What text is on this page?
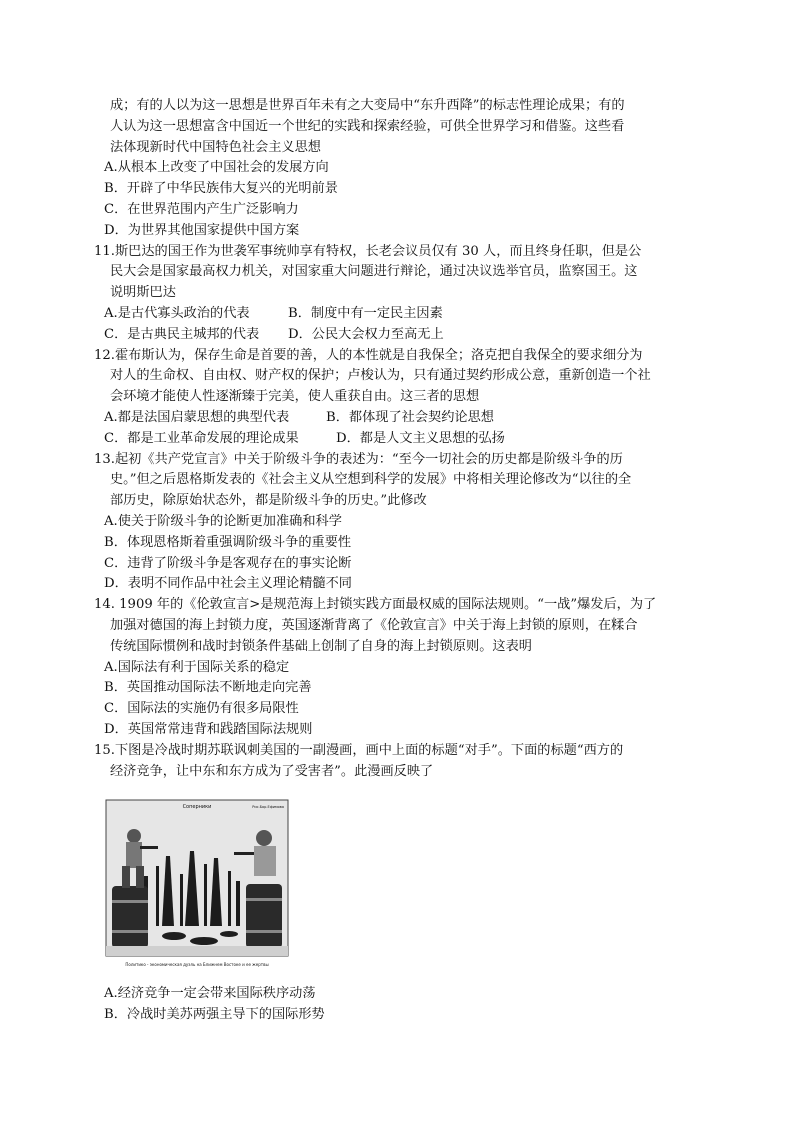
成；有的人以为这一思想是世界百年未有之大变局中“东升西降”的标志性理论成果；有的
人认为这一思想富含中国近一个世纪的实践和探索经验，可供全世界学习和借鉴。这些看
法体现新时代中国特色社会主义思想
A.从根本上改变了中国社会的发展方向
B．开辟了中华民族伟大复兴的光明前景
C．在世界范围内产生广泛影响力
D．为世界其他国家提供中国方案
11.斯巴达的国王作为世袭军事统帅享有特权，长老会议员仅有 30 人，而且终身任职，但是公
民大会是国家最高权力机关，对国家重大问题进行辩论，通过决议选举官员，监察国王。这
说明斯巴达
A.是古代寡头政治的代表	B．制度中有一定民主因素
C．是古典民主城邦的代表 D．公民大会权力至高无上
12.霍布斯认为，保存生命是首要的善，人的本性就是自我保全；洛克把自我保全的要求细分为
对人的生命权、自由权、财产权的保护；卢梭认为，只有通过契约形成公意，重新创造一个社
会环境才能使人性逐渐臻于完美，使人重获自由。这三者的思想
A.都是法国启蒙思想的典型代表	B．都体现了社会契约论思想
C．都是工业革命发展的理论成果	D．都是人文主义思想的弘扬
13.起初《共产党宣言》中关于阶级斗争的表述为：“至今一切社会的历史都是阶级斗争的历
史。”但之后恩格斯发表的《社会主义从空想到科学的发展》中将相关理论修改为“以往的全
部历史，除原始状态外，都是阶级斗争的历史。”此修改
A.使关于阶级斗争的论断更加准确和科学
B．体现恩格斯着重强调阶级斗争的重要性
C．违背了阶级斗争是客观存在的事实论断
D．表明不同作品中社会主义理论精髓不同
14. 1909 年的《伦敦宣言>是规范海上封锁实践方面最权威的国际法规则。“一战”爆发后，为了
加强对德国的海上封锁力度，英国逐渐背离了《伦敦宣言》中关于海上封锁的原则，在糅合
传统国际惯例和战时封锁条件基础上创制了自身的海上封锁原则。这表明
A.国际法有利于国际关系的稳定
B．英国推动国际法不断地走向完善
C．国际法的实施仍有很多局限性
D．英国常常违背和践踏国际法规则
15.下图是冷战时期苏联讽刺美国的一副漫画，画中上面的标题“对手”。下面的标题“西方的
经济竞争，让中东和东方成为了受害者”。此漫画反映了
Соперники	Рис.Бор.Ефимова
Политико - экономическая дуэль на Ближнем Востоке и ее жертвы
A.经济竞争一定会带来国际秩序动荡
B．冷战时美苏两强主导下的国际形势
